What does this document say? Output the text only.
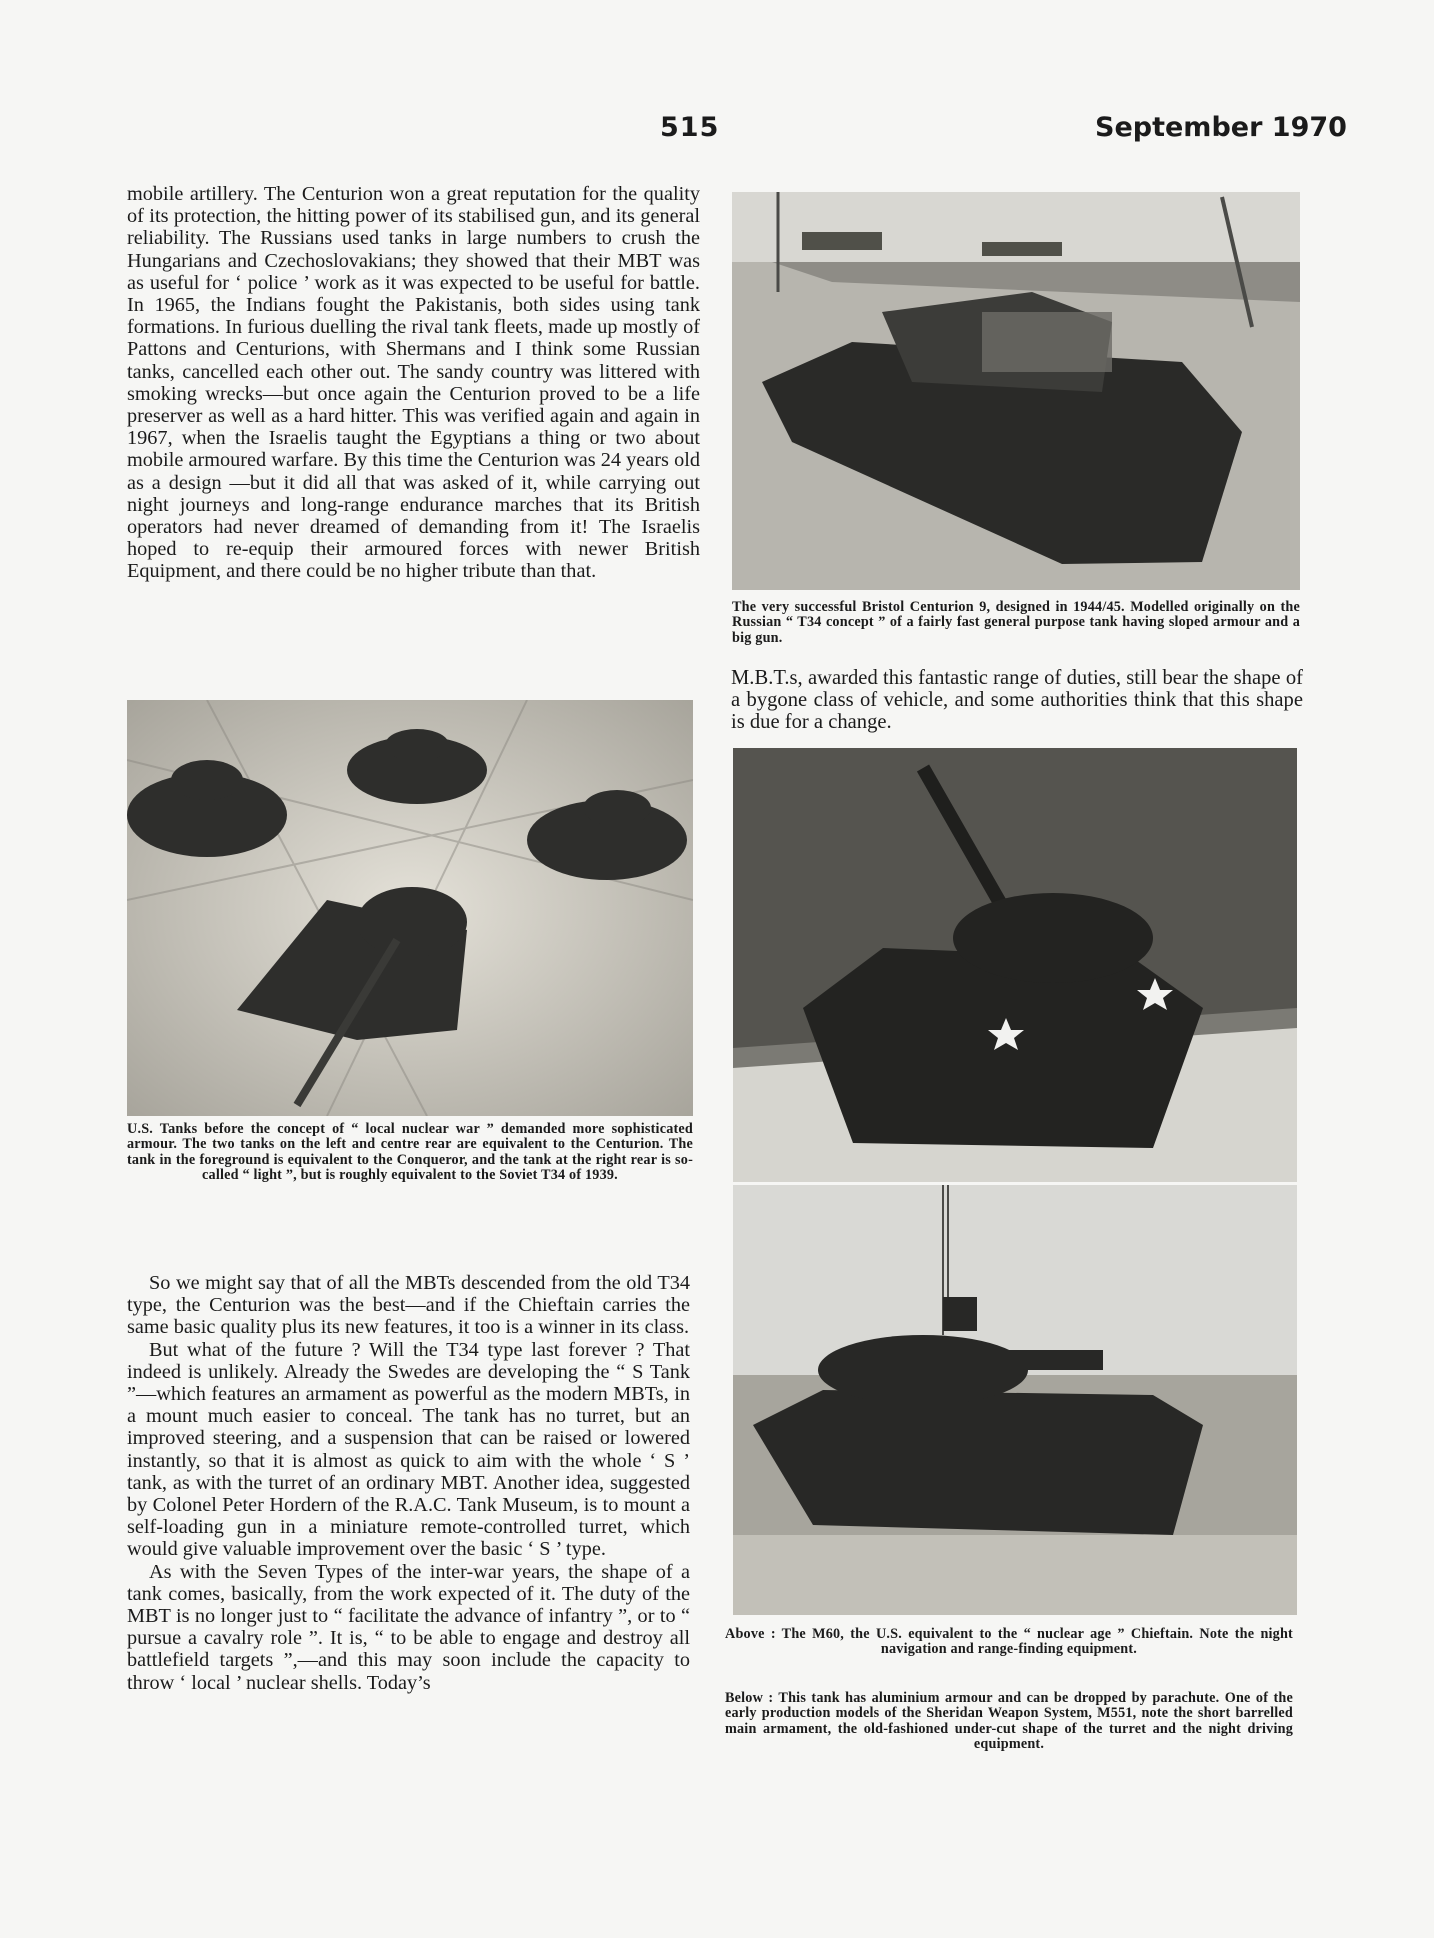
515	September 1970

mobile artillery. The Centurion won a great reputation for the quality of its protection, the hitting power of its stabilised gun, and its general reliability. The Russians used tanks in large numbers to crush the Hungarians and Czechoslovakians; they showed that their MBT was as useful for ‘ police ’ work as it was expected to be useful for battle. In 1965, the Indians fought the Pakistanis, both sides using tank formations. In furious duelling the rival tank fleets, made up mostly of Pattons and Centurions, with Shermans and I think some Russian tanks, cancelled each other out. The sandy country was littered with smoking wrecks—but once again the Centurion proved to be a life preserver as well as a hard hitter. This was verified again and again in 1967, when the Israelis taught the Egyptians a thing or two about mobile armoured warfare. By this time the Centurion was 24 years old as a design —but it did all that was asked of it, while carrying out night journeys and long-range endurance marches that its British operators had never dreamed of demanding from it! The Israelis hoped to re-equip their armoured forces with newer British Equipment, and there could be no higher tribute than that.

U.S. Tanks before the concept of “ local nuclear war ” demanded more sophisticated armour. The two tanks on the left and centre rear are equivalent to the Centurion. The tank in the foreground is equivalent to the Conqueror, and the tank at the right rear is so-called “ light ”, but is roughly equivalent to the Soviet T34 of 1939.

So we might say that of all the MBTs descended from the old T34 type, the Centurion was the best—and if the Chieftain carries the same basic quality plus its new features, it too is a winner in its class.

But what of the future ? Will the T34 type last forever ? That indeed is unlikely. Already the Swedes are developing the “ S Tank ”—which features an armament as powerful as the modern MBTs, in a mount much easier to conceal. The tank has no turret, but an improved steering, and a suspension that can be raised or lowered instantly, so that it is almost as quick to aim with the whole ‘ S ’ tank, as with the turret of an ordinary MBT. Another idea, suggested by Colonel Peter Hordern of the R.A.C. Tank Museum, is to mount a self-loading gun in a miniature remote-controlled turret, which would give valuable improvement over the basic ‘ S ’ type.

As with the Seven Types of the inter-war years, the shape of a tank comes, basically, from the work expected of it. The duty of the MBT is no longer just to “ facilitate the advance of infantry ”, or to “ pursue a cavalry role ”. It is, “ to be able to engage and destroy all battlefield targets ”,—and this may soon include the capacity to throw ‘ local ’ nuclear shells. Today’s

The very successful Bristol Centurion 9, designed in 1944/45. Modelled originally on the Russian “ T34 concept ” of a fairly fast general purpose tank having sloped armour and a big gun.

M.B.T.s, awarded this fantastic range of duties, still bear the shape of a bygone class of vehicle, and some authorities think that this shape is due for a change.

Above : The M60, the U.S. equivalent to the “ nuclear age ” Chieftain. Note the night navigation and range-finding equipment.

Below : This tank has aluminium armour and can be dropped by parachute. One of the early production models of the Sheridan Weapon System, M551, note the short barrelled main armament, the old-fashioned under-cut shape of the turret and the night driving equipment.
